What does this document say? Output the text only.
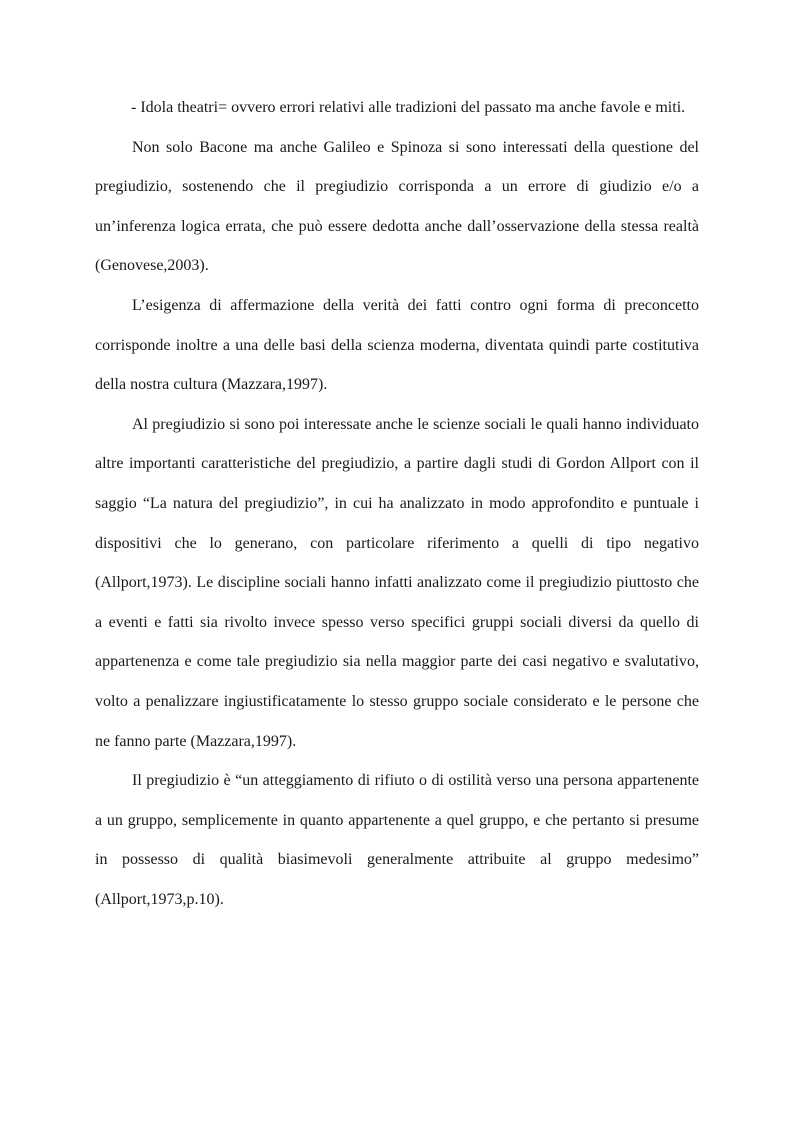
- Idola theatri= ovvero errori relativi alle tradizioni del passato ma anche favole e miti.

Non solo Bacone ma anche Galileo e Spinoza si sono interessati della questione del pregiudizio, sostenendo che il pregiudizio corrisponda a un errore di giudizio e/o a un’inferenza logica errata, che può essere dedotta anche dall’osservazione della stessa realtà (Genovese,2003).

L’esigenza di affermazione della verità dei fatti contro ogni forma di preconcetto corrisponde inoltre a una delle basi della scienza moderna, diventata quindi parte costitutiva della nostra cultura (Mazzara,1997).

Al pregiudizio si sono poi interessate anche le scienze sociali le quali hanno individuato altre importanti caratteristiche del pregiudizio, a partire dagli studi di Gordon Allport con il saggio “La natura del pregiudizio”, in cui ha analizzato in modo approfondito e puntuale i dispositivi che lo generano, con particolare riferimento a quelli di tipo negativo (Allport,1973). Le discipline sociali hanno infatti analizzato come il pregiudizio piuttosto che a eventi e fatti sia rivolto invece spesso verso specifici gruppi sociali diversi da quello di appartenenza e come tale pregiudizio sia nella maggior parte dei casi negativo e svalutativo, volto a penalizzare ingiustificatamente lo stesso gruppo sociale considerato e le persone che ne fanno parte (Mazzara,1997).

Il pregiudizio è “un atteggiamento di rifiuto o di ostilità verso una persona appartenente a un gruppo, semplicemente in quanto appartenente a quel gruppo, e che pertanto si presume in possesso di qualità biasimevoli generalmente attribuite al gruppo medesimo” (Allport,1973,p.10).
